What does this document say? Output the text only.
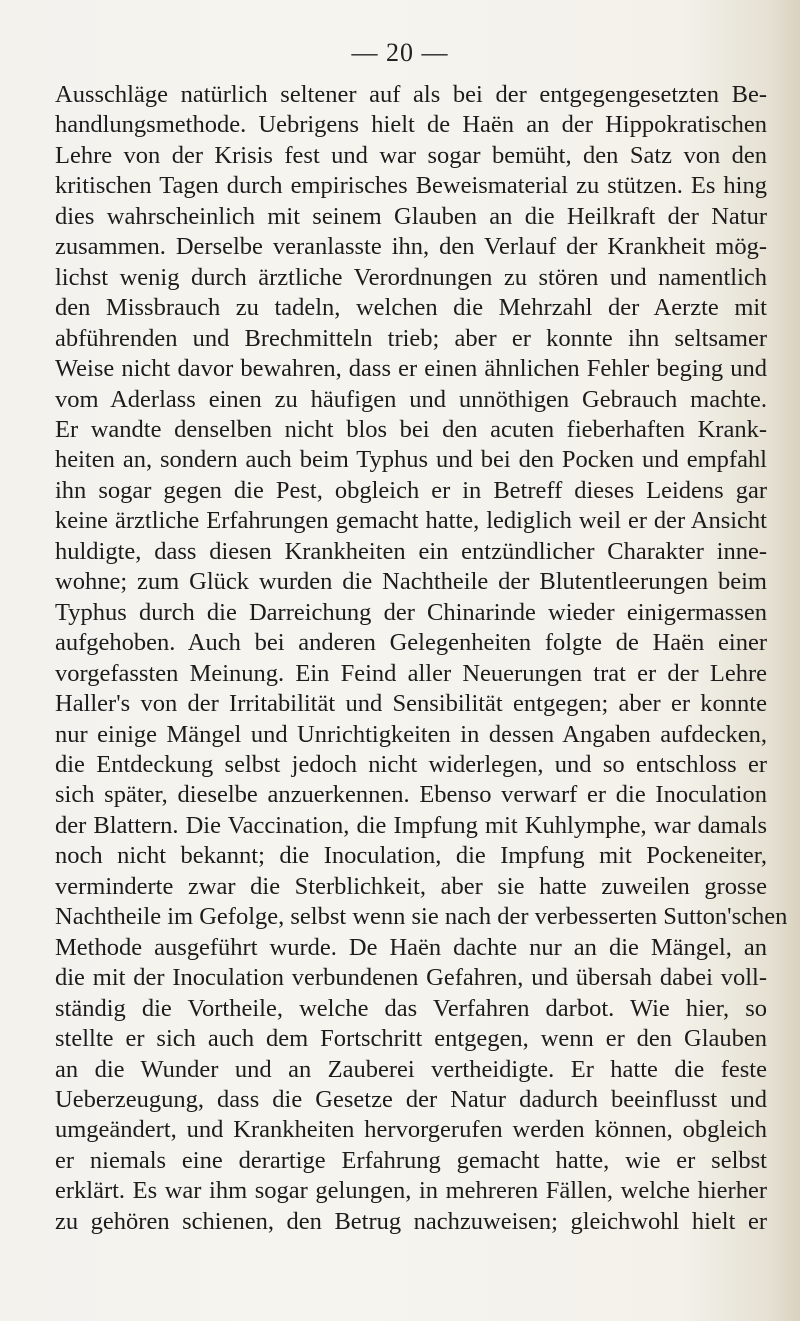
— 20 —
Ausschläge natürlich seltener auf als bei der entgegengesetzten Be-
handlungsmethode. Uebrigens hielt de Haën an der Hippokratischen
Lehre von der Krisis fest und war sogar bemüht, den Satz von den
kritischen Tagen durch empirisches Beweismaterial zu stützen. Es hing
dies wahrscheinlich mit seinem Glauben an die Heilkraft der Natur
zusammen. Derselbe veranlasste ihn, den Verlauf der Krankheit mög-
lichst wenig durch ärztliche Verordnungen zu stören und namentlich
den Missbrauch zu tadeln, welchen die Mehrzahl der Aerzte mit
abführenden und Brechmitteln trieb; aber er konnte ihn seltsamer
Weise nicht davor bewahren, dass er einen ähnlichen Fehler beging und
vom Aderlass einen zu häufigen und unnöthigen Gebrauch machte.
Er wandte denselben nicht blos bei den acuten fieberhaften Krank-
heiten an, sondern auch beim Typhus und bei den Pocken und empfahl
ihn sogar gegen die Pest, obgleich er in Betreff dieses Leidens gar
keine ärztliche Erfahrungen gemacht hatte, lediglich weil er der Ansicht
huldigte, dass diesen Krankheiten ein entzündlicher Charakter inne-
wohne; zum Glück wurden die Nachtheile der Blutentleerungen beim
Typhus durch die Darreichung der Chinarinde wieder einigermassen
aufgehoben. Auch bei anderen Gelegenheiten folgte de Haën einer
vorgefassten Meinung. Ein Feind aller Neuerungen trat er der Lehre
Haller's von der Irritabilität und Sensibilität entgegen; aber er konnte
nur einige Mängel und Unrichtigkeiten in dessen Angaben aufdecken,
die Entdeckung selbst jedoch nicht widerlegen, und so entschloss er
sich später, dieselbe anzuerkennen. Ebenso verwarf er die Inoculation
der Blattern. Die Vaccination, die Impfung mit Kuhlymphe, war damals
noch nicht bekannt; die Inoculation, die Impfung mit Pockeneiter,
verminderte zwar die Sterblichkeit, aber sie hatte zuweilen grosse
Nachtheile im Gefolge, selbst wenn sie nach der verbesserten Sutton'schen
Methode ausgeführt wurde. De Haën dachte nur an die Mängel, an
die mit der Inoculation verbundenen Gefahren, und übersah dabei voll-
ständig die Vortheile, welche das Verfahren darbot. Wie hier, so
stellte er sich auch dem Fortschritt entgegen, wenn er den Glauben
an die Wunder und an Zauberei vertheidigte. Er hatte die feste
Ueberzeugung, dass die Gesetze der Natur dadurch beeinflusst und
umgeändert, und Krankheiten hervorgerufen werden können, obgleich
er niemals eine derartige Erfahrung gemacht hatte, wie er selbst
erklärt. Es war ihm sogar gelungen, in mehreren Fällen, welche hierher
zu gehören schienen, den Betrug nachzuweisen; gleichwohl hielt er
